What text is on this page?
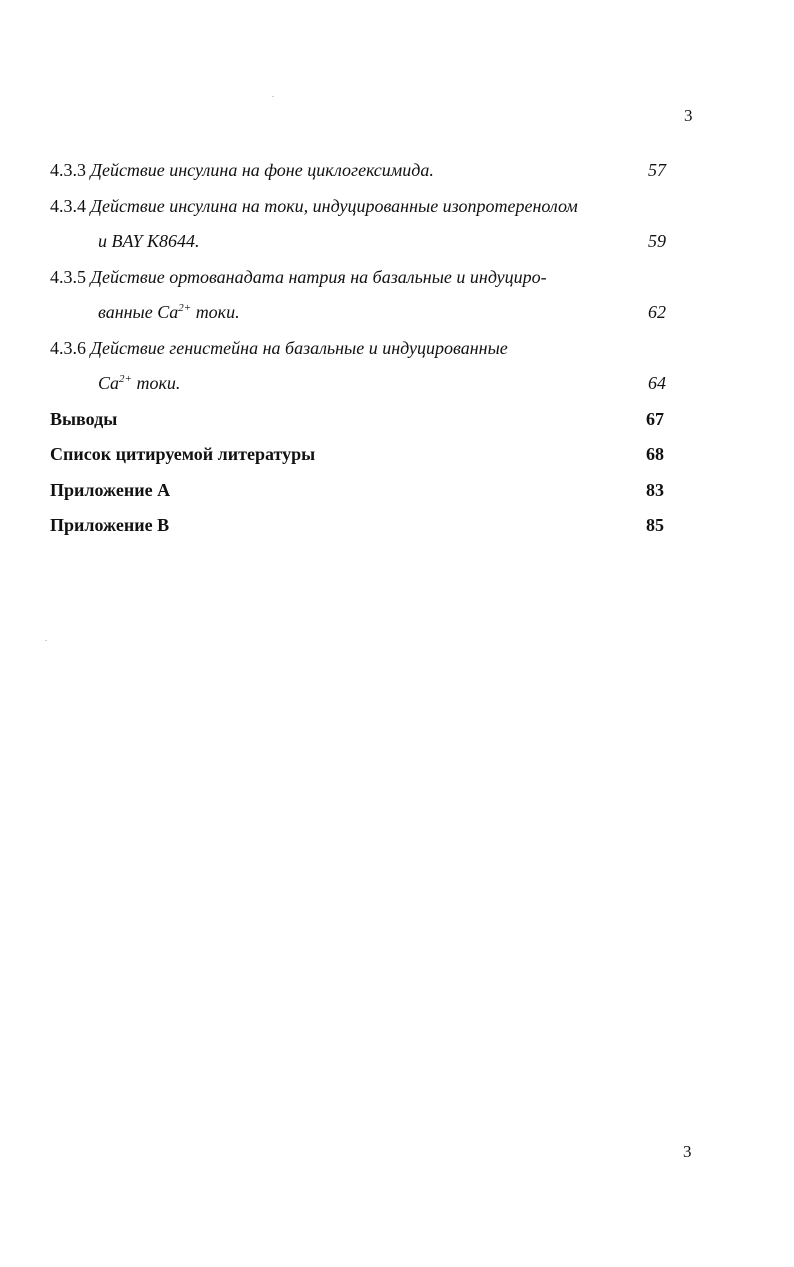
3
4.3.3 Действие инсулина на фоне циклогексимида.	57
4.3.4 Действие инсулина на токи, индуцированные изопротеренолом
и BAY K8644.	59
4.3.5 Действие ортованадата натрия на базальные и индуциро-
ванные $Ca^{2+}$ токи.	62
4.3.6 Действие генистейна на базальные и индуцированные
$Ca^{2+}$ токи.	64
Выводы	67
Список цитируемой литературы	68
Приложение А	83
Приложение В	85
3
